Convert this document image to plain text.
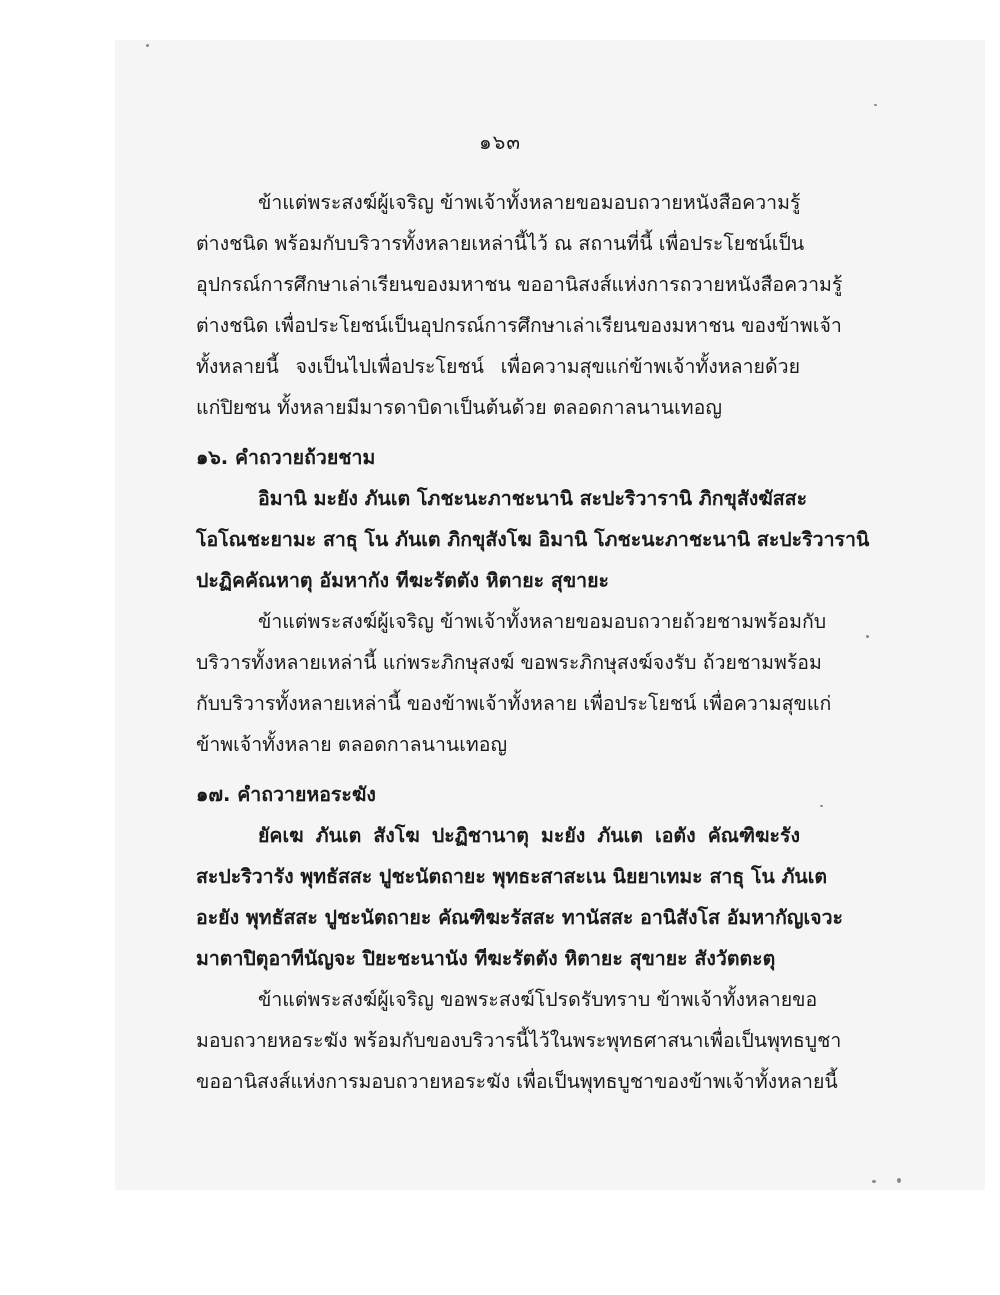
๑๖๓
ข้าแต่พระสงฆ์ผู้เจริญ ข้าพเจ้าทั้งหลายขอมอบถวายหนังสือความรู้
ต่างชนิด พร้อมกับบริวารทั้งหลายเหล่านี้ไว้ ณ สถานที่นี้ เพื่อประโยชน์เป็น
อุปกรณ์การศึกษาเล่าเรียนของมหาชน ขออานิสงส์แห่งการถวายหนังสือความรู้
ต่างชนิด เพื่อประโยชน์เป็นอุปกรณ์การศึกษาเล่าเรียนของมหาชน ของข้าพเจ้า
ทั้งหลายนี้ จงเป็นไปเพื่อประโยชน์ เพื่อความสุขแก่ข้าพเจ้าทั้งหลายด้วย
แก่ปิยชน ทั้งหลายมีมารดาบิดาเป็นต้นด้วย ตลอดกาลนานเทอญ
๑๖. คำถวายถ้วยชาม
อิมานิ มะยัง ภันเต โภชะนะภาชะนานิ สะปะริวารานิ ภิกขุสังฆัสสะ
โอโณชะยามะ สาธุ โน ภันเต ภิกขุสังโฆ อิมานิ โภชะนะภาชะนานิ สะปะริวารานิ
ปะฏิคคัณหาตุ อัมหากัง ทีฆะรัตตัง หิตายะ สุขายะ
ข้าแต่พระสงฆ์ผู้เจริญ ข้าพเจ้าทั้งหลายขอมอบถวายถ้วยชามพร้อมกับ
บริวารทั้งหลายเหล่านี้ แก่พระภิกษุสงฆ์ ขอพระภิกษุสงฆ์จงรับ ถ้วยชามพร้อม
กับบริวารทั้งหลายเหล่านี้ ของข้าพเจ้าทั้งหลาย เพื่อประโยชน์ เพื่อความสุขแก่
ข้าพเจ้าทั้งหลาย ตลอดกาลนานเทอญ
๑๗. คำถวายหอระฆัง
ยัคเฆ ภันเต สังโฆ ปะฏิชานาตุ มะยัง ภันเต เอตัง คัณฑิฆะรัง
สะปะริวารัง พุทธัสสะ ปูชะนัตถายะ พุทธะสาสะเน นิยยาเทมะ สาธุ โน ภันเต
อะยัง พุทธัสสะ ปูชะนัตถายะ คัณฑิฆะรัสสะ ทานัสสะ อานิสังโส อัมหากัญเจวะ
มาตาปิตุอาทีนัญจะ ปิยะชะนานัง ทีฆะรัตตัง หิตายะ สุขายะ สังวัตตะตุ
ข้าแต่พระสงฆ์ผู้เจริญ ขอพระสงฆ์โปรดรับทราบ ข้าพเจ้าทั้งหลายขอ
มอบถวายหอระฆัง พร้อมกับของบริวารนี้ไว้ในพระพุทธศาสนาเพื่อเป็นพุทธบูชา
ขออานิสงส์แห่งการมอบถวายหอระฆัง เพื่อเป็นพุทธบูชาของข้าพเจ้าทั้งหลายนี้
